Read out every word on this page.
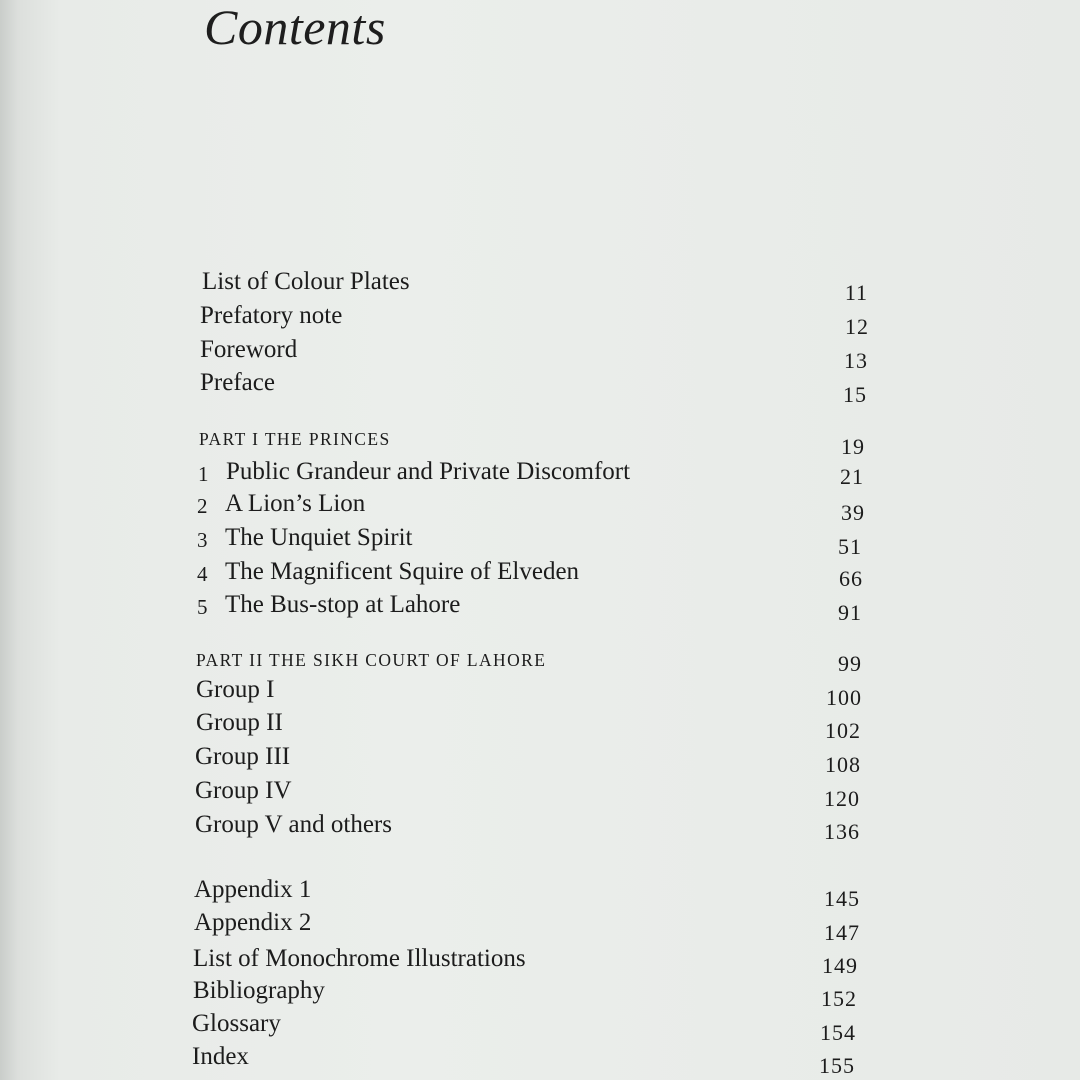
Contents
List of Colour Plates	11
Prefatory note	12
Foreword	13
Preface	15
PART I THE PRINCES	19
1 Public Grandeur and Private Discomfort	21
2 A Lion’s Lion	39
3 The Unquiet Spirit	51
4 The Magnificent Squire of Elveden	66
5 The Bus-stop at Lahore	91
PART II THE SIKH COURT OF LAHORE	99
Group I	100
Group II	102
Group III	108
Group IV	120
Group V and others	136
Appendix 1	145
Appendix 2	147
List of Monochrome Illustrations	149
Bibliography	152
Glossary	154
Index	155
